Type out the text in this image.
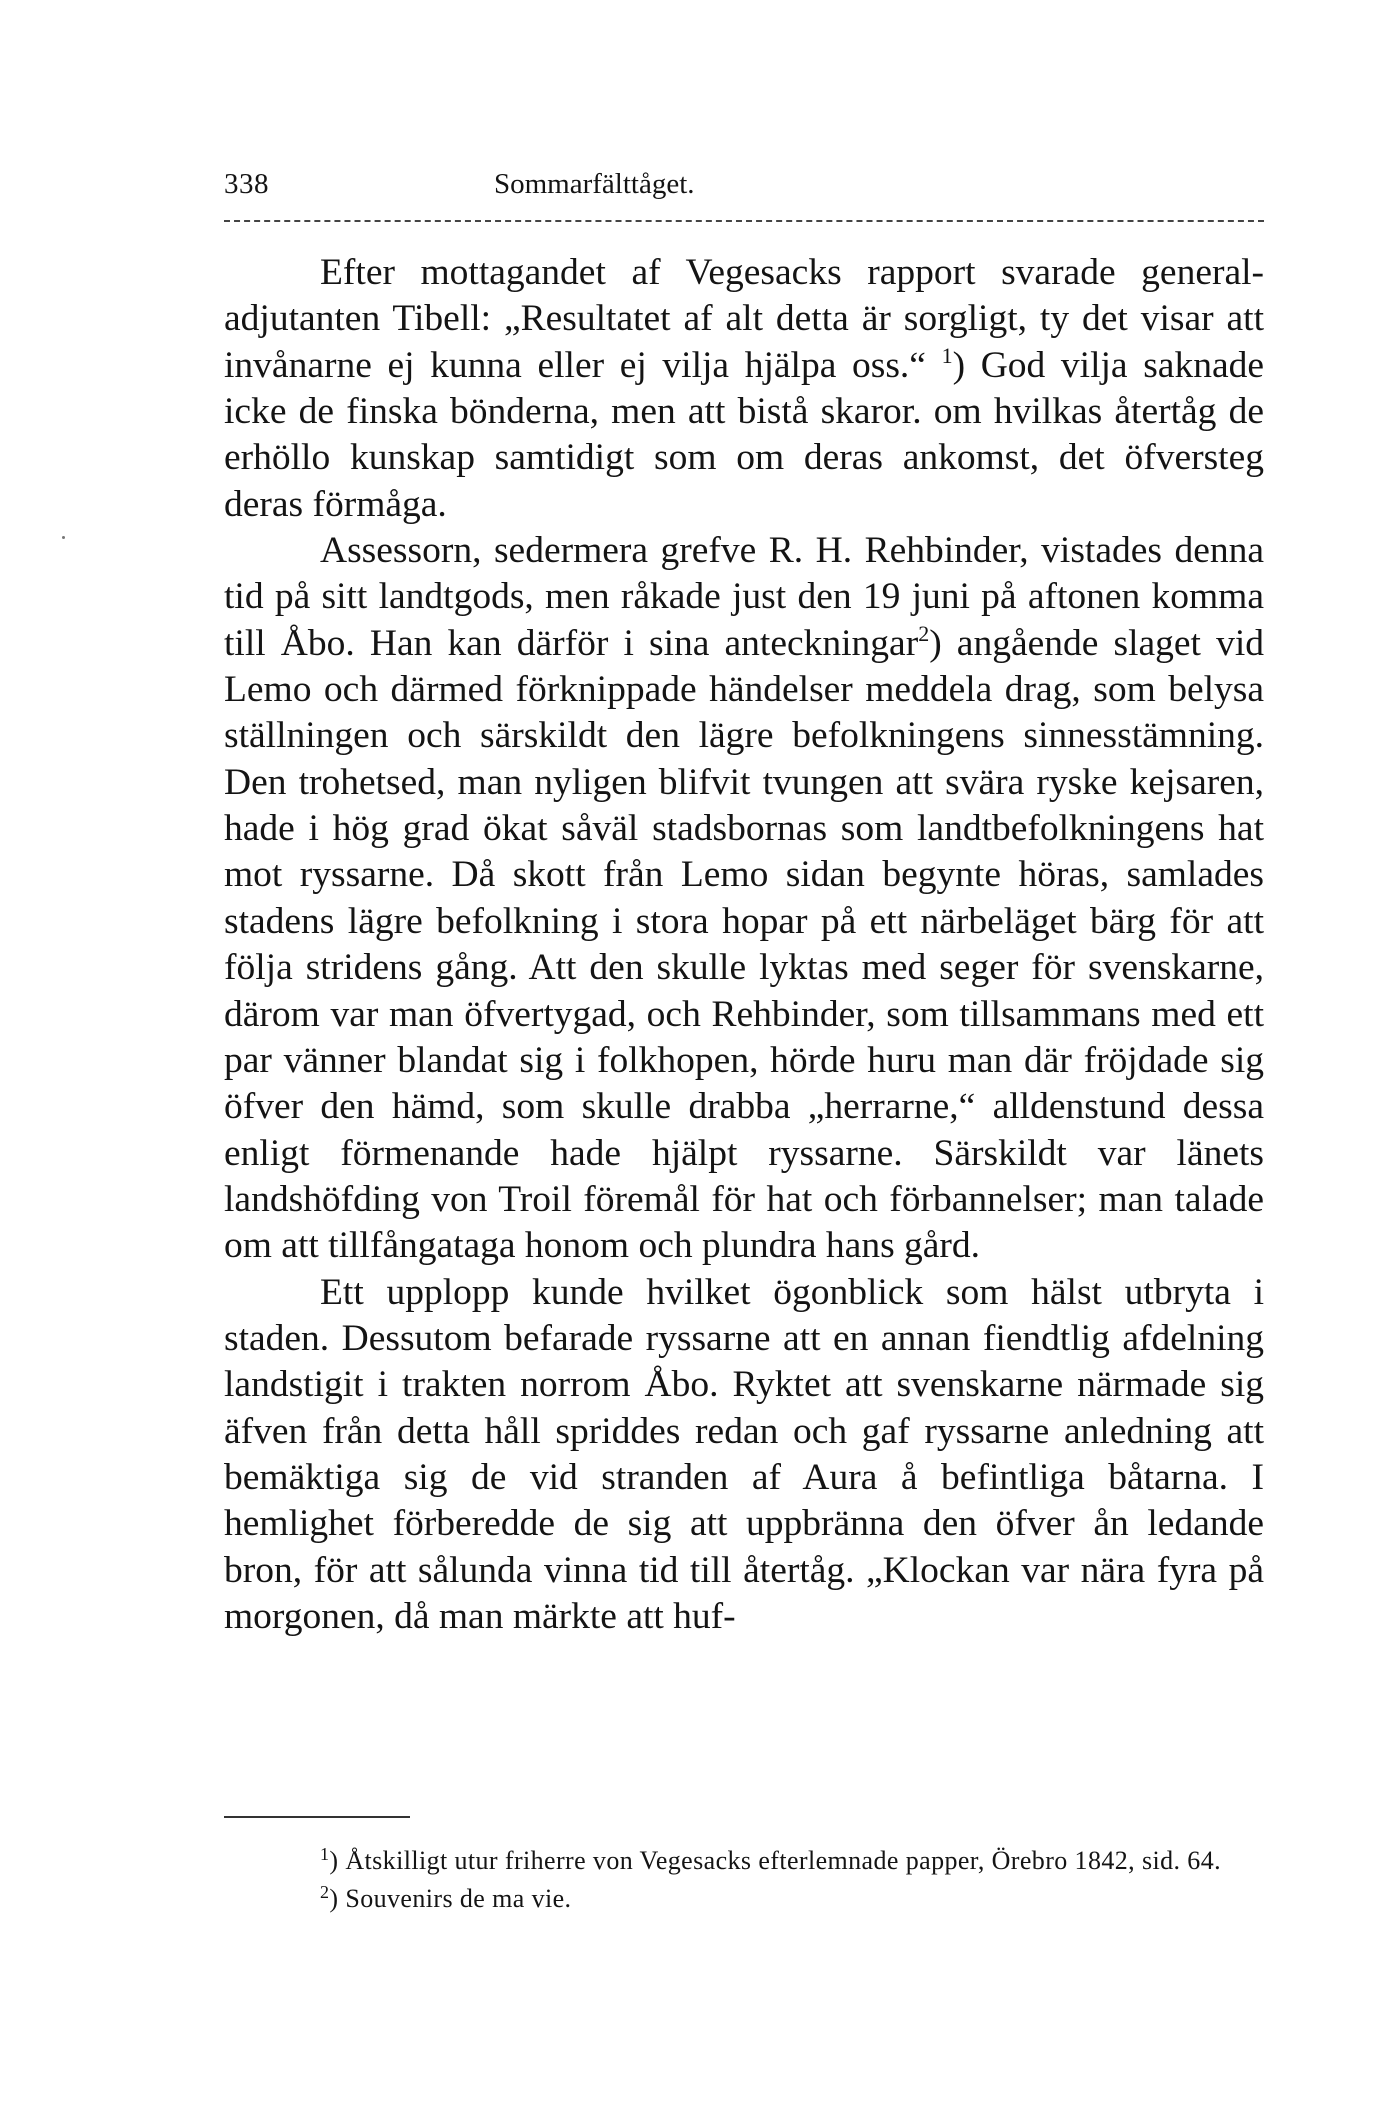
338	Sommarfälttåget.

Efter mottagandet af Vegesacks rapport svarade general-adjutanten Tibell: „Resultatet af alt detta är sorgligt, ty det visar att invånarne ej kunna eller ej vilja hjälpa oss.“ $^1$) God vilja saknade icke de finska bönderna, men att bistå skaror. om hvilkas återtåg de erhöllo kunskap samtidigt som om deras ankomst, det öfversteg deras förmåga.

Assessorn, sedermera grefve R. H. Rehbinder, vistades denna tid på sitt landtgods, men råkade just den 19 juni på aftonen komma till Åbo. Han kan därför i sina anteckningar$^2$) angående slaget vid Lemo och därmed förknippade händelser meddela drag, som belysa ställningen och särskildt den lägre befolkningens sinnesstämning. Den trohetsed, man nyligen blifvit tvungen att svära ryske kejsaren, hade i hög grad ökat såväl stadsbornas som landtbefolkningens hat mot ryssarne. Då skott från Lemo sidan begynte höras, samlades stadens lägre befolkning i stora hopar på ett närbeläget bärg för att följa stridens gång. Att den skulle lyktas med seger för svenskarne, därom var man öfvertygad, och Rehbinder, som tillsammans med ett par vänner blandat sig i folkhopen, hörde huru man där fröjdade sig öfver den hämd, som skulle drabba „herrarne,“ alldenstund dessa enligt förmenande hade hjälpt ryssarne. Särskildt var länets landshöfding von Troil föremål för hat och förbannelser; man talade om att tillfångataga honom och plundra hans gård.

Ett upplopp kunde hvilket ögonblick som hälst utbryta i staden. Dessutom befarade ryssarne att en annan fiendtlig afdelning landstigit i trakten norrom Åbo. Ryktet att svenskarne närmade sig äfven från detta håll spriddes redan och gaf ryssarne anledning att bemäktiga sig de vid stranden af Aura å befintliga båtarna. I hemlighet förberedde de sig att uppbränna den öfver ån ledande bron, för att sålunda vinna tid till återtåg. „Klockan var nära fyra på morgonen, då man märkte att huf-

$^1$) Åtskilligt utur friherre von Vegesacks efterlemnade papper, Örebro 1842, sid. 64.

$^2$) Souvenirs de ma vie.
